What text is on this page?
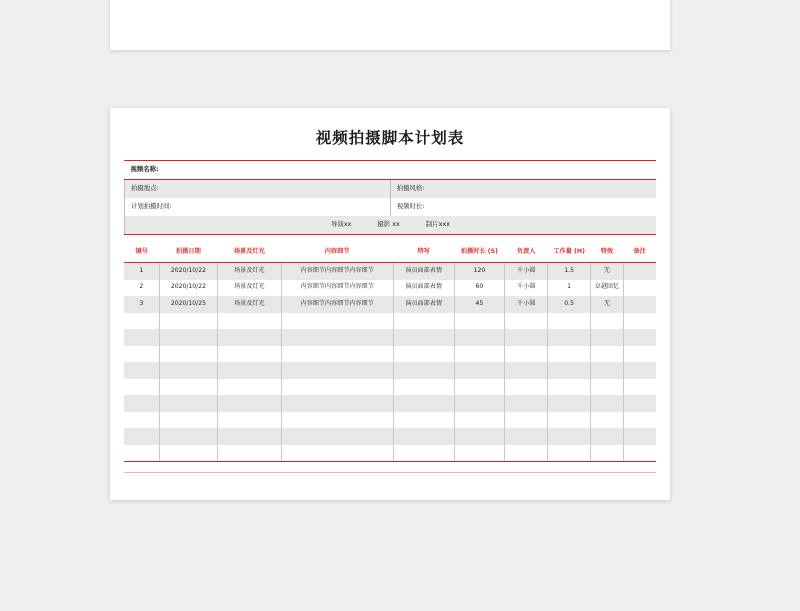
视频拍摄脚本计划表
视频名称:	
拍摄地点:	拍摄风格:
计划拍摄时间:	视频时长:
导演xx 摄影 xx 制片xxx	
镜号	拍摄日期	场景及灯光	内容细节	特写	拍摄时长 (S)	负责人	工作量 (H)	特效	备注
1	2020/10/22	场景及灯光	内容细节内容细节内容细节	演员面部表情	120	千小圆	1.5	无	
2	2020/10/22	场景及灯光	内容细节内容细节内容细节	演员面部表情	60	千小圆	1	卓越回忆	
3	2020/10/25	场景及灯光	内容细节内容细节内容细节	演员面部表情	45	千小圆	0.5	无	
